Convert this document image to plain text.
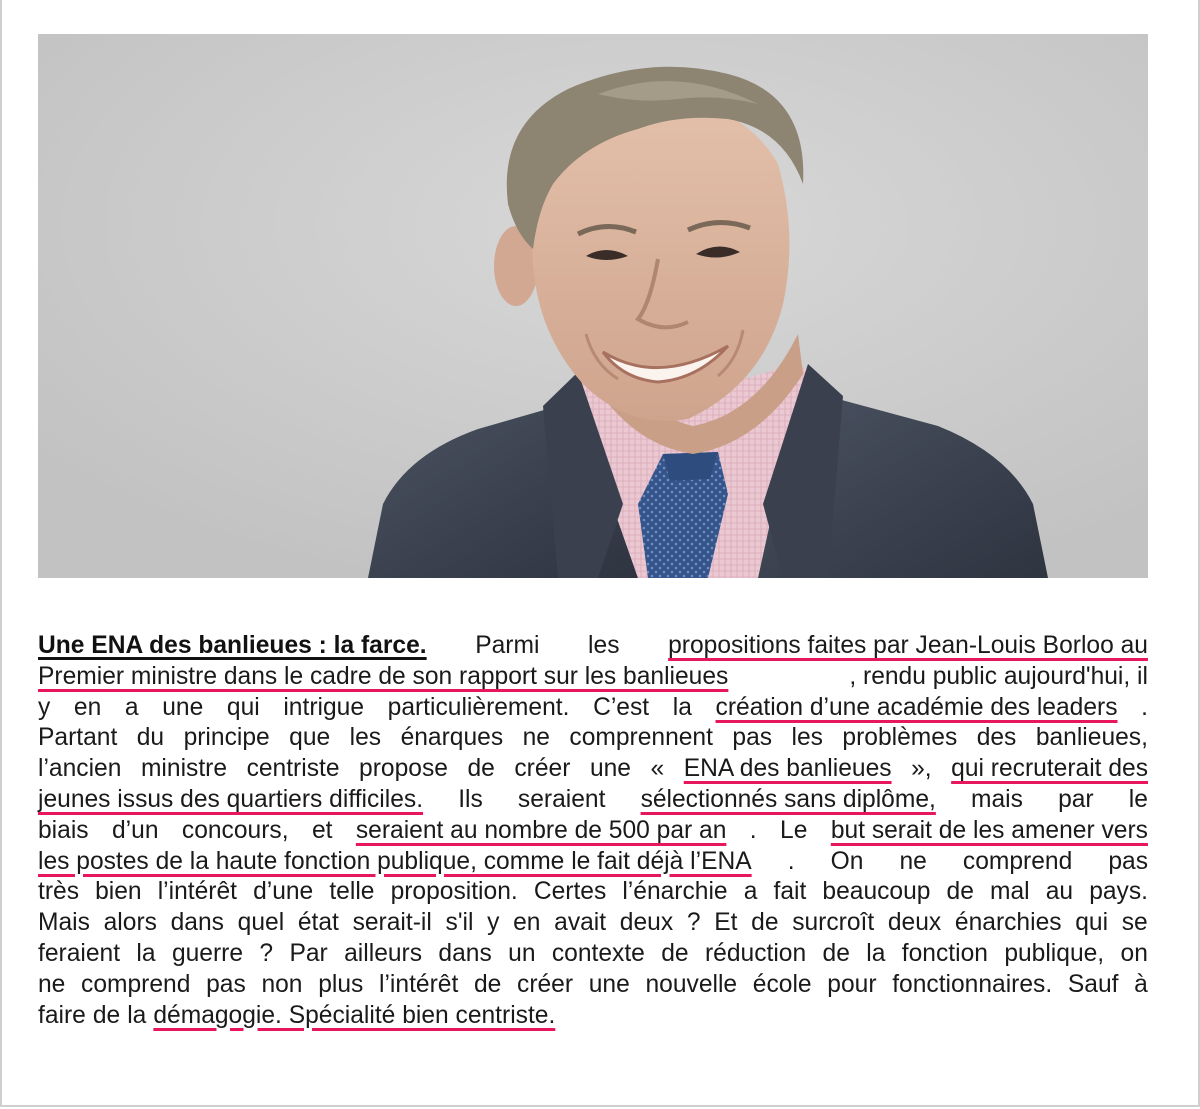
Une ENA des banlieues : la farce. Parmi les propositions faites par Jean-Louis Borloo au
Premier ministre dans le cadre de son rapport sur les banlieues	, rendu public aujourd'hui, il
y en a une qui intrigue particulièrement. C’est la création d’une académie des leaders .
Partant du principe que les énarques ne comprennent pas les problèmes des banlieues,
l’ancien ministre centriste propose de créer une « ENA des banlieues », qui recruterait des
jeunes issus des quartiers difficiles. Ils seraient sélectionnés sans diplôme, mais par le
biais d’un concours, et seraient au nombre de 500 par an . Le but serait de les amener vers
les postes de la haute fonction publique, comme le fait déjà l’ENA . On ne comprend pas
très bien l’intérêt d’une telle proposition. Certes l’énarchie a fait beaucoup de mal au pays.
Mais alors dans quel état serait-il s'il y en avait deux ? Et de surcroît deux énarchies qui se
feraient la guerre ? Par ailleurs dans un contexte de réduction de la fonction publique, on
ne comprend pas non plus l’intérêt de créer une nouvelle école pour fonctionnaires. Sauf à
faire de la démagogie. Spécialité bien centriste.
